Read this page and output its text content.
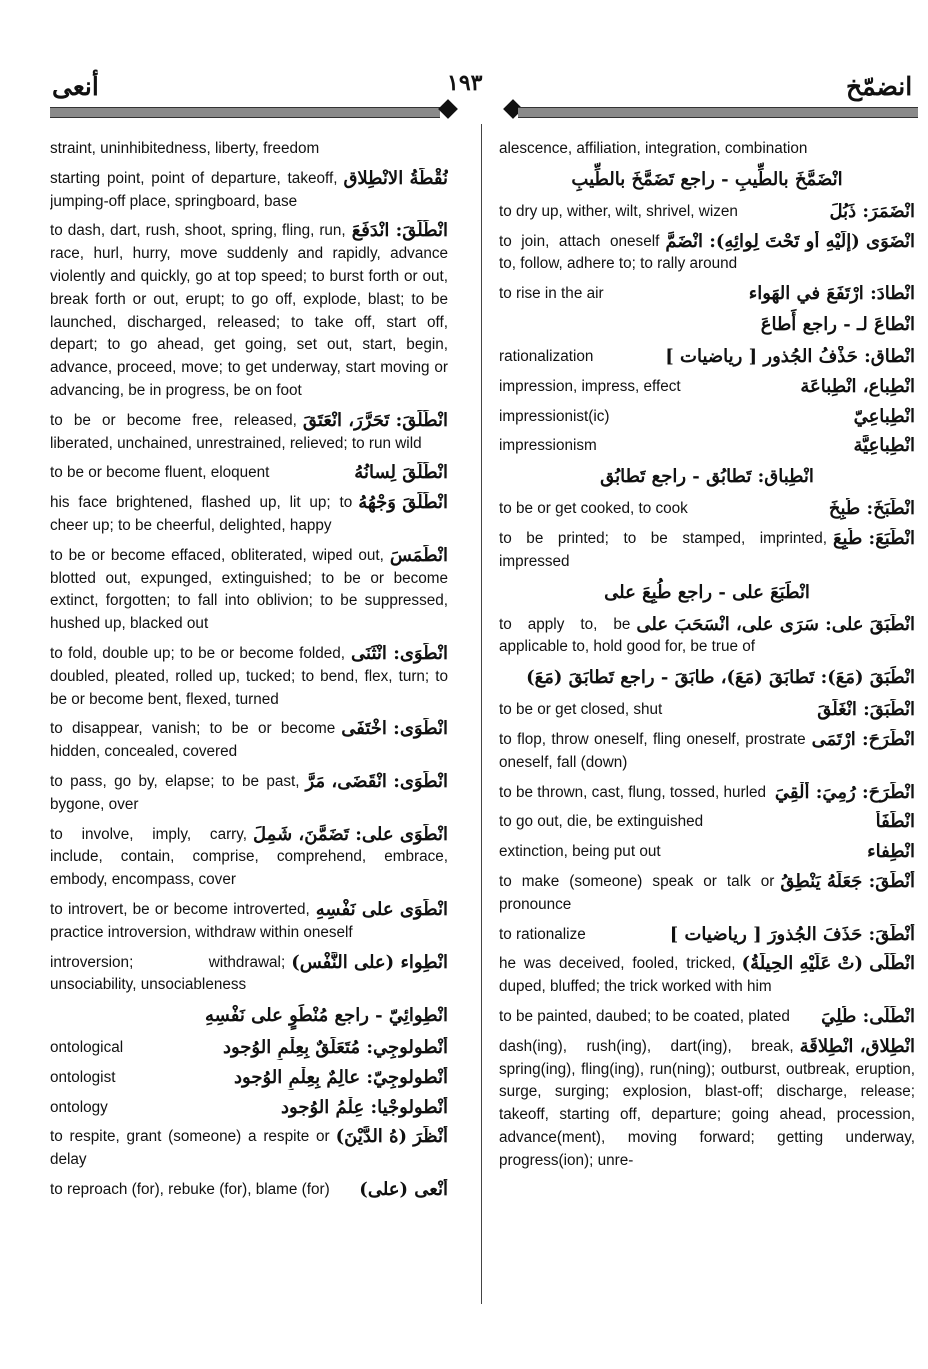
أنعى	١٩٣	انضمّخ
straint, uninhibitedness, liberty, freedom
نُقْطَةُ الانْطِلاق
starting point, point of departure, takeoff, jumping-off place, springboard, base
انْطَلَقَ: انْدَفَعَ
to dash, dart, rush, shoot, spring, fling, run, race, hurl, hurry, move suddenly and rapidly, advance violently and quickly, go at top speed; to burst forth or out, break forth or out, erupt; to go off, explode, blast; to be launched, discharged, released; to take off, start off, depart; to go ahead, get going, set out, start, begin, advance, proceed, move; to get underway, start moving or advancing, be in progress, be on foot
انْطَلَقَ: تَحَرَّرَ، انْعَتَقَ
to be or become free, released, liberated, unchained, unrestrained, relieved; to run wild
انْطَلَقَ لِسانُهُ
to be or become fluent, eloquent
انْطَلَقَ وَجْهُهُ
his face brightened, flashed up, lit up; to cheer up; to be cheerful, delighted, happy
انْطَمَسَ
to be or become effaced, obliterated, wiped out, blotted out, expunged, extinguished; to be or become extinct, forgotten; to fall into oblivion; to be suppressed, hushed up, blacked out
انْطَوَى: انْثَنَى
to fold, double up; to be or become folded, doubled, pleated, rolled up, tucked; to bend, flex, turn; to be or become bent, flexed, turned
انْطَوَى: اخْتَفَى
to disappear, vanish; to be or become hidden, concealed, covered
انْطَوَى: انْقَضَى، مَرَّ
to pass, go by, elapse; to be past, bygone, over
انْطَوَى على: تَضَمَّنَ، شَمِلَ
to involve, imply, carry, include, contain, comprise, comprehend, embrace, embody, encompass, cover
انْطَوَى على نَفْسِهِ
to introvert, be or become introverted, practice introversion, withdraw within oneself
انْطِواء (على النَّفْس)
introversion; withdrawal; unsociability, unsociableness
انْطِوائِيّ - راجع مُنْطَوٍ على نَفْسِهِ
أَنْطولوجِي: مُتَعَلِّقٌ بِعِلْمِ الوُجود
ontological
أَنْطولوجِيّ: عالِمٌ بِعِلْمِ الوُجود
ontologist
أَنْطولوجْيا: عِلْمُ الوُجود
ontology
أَنْظَرَ (هُ الدَّيْنَ)
to respite, grant (someone) a respite or delay
أَنْعى (على)
to reproach (for), rebuke (for), blame (for)
alescence, affiliation, integration, combination
انْضَمَّخَ بالطِّيبِ - راجع تَضَمَّخَ بالطِّيبِ
انْضَمَرَ: ذَبُلَ
to dry up, wither, wilt, shrivel, wizen
انْضَوَى (إلَيْهِ أو تَحْتَ لِوائِهِ): انْضَمَّ
to join, attach oneself to, follow, adhere to; to rally around
انْطادَ: ارْتَفَعَ في الهَواء
to rise in the air
انْطاعَ لـ - راجع أَطاعَ
انْطاق: حَذْفُ الجُذور [ رياضيات ]
rationalization
انْطِباع، انْطِباعَة
impression, impress, effect
انْطِباعِيّ
impressionist(ic)
انْطِباعِيَّة
impressionism
انْطِباق: تَطابُق - راجع تَطابُق
انْطَبَخَ: طُبِخَ
to be or get cooked, to cook
انْطَبَعَ: طُبِعَ
to be printed; to be stamped, imprinted, impressed
انْطَبَعَ على - راجع طُبِعَ على
انْطَبَقَ على: سَرَى على، انْسَحَبَ على
to apply to, be applicable to, hold good for, be true of
انْطَبَقَ (مَعَ): تَطابَقَ (مَعَ)، طابَقَ - راجع تَطابَقَ (مَعَ)
انْطَبَقَ: انْغَلَقَ
to be or get closed, shut
انْطَرَحَ: ارْتَمَى
to flop, throw oneself, fling oneself, prostrate oneself, fall (down)
انْطَرَحَ: رُمِيَ: أُلْقِيَ
to be thrown, cast, flung, tossed, hurled
انْطَفَأَ
to go out, die, be extinguished
انْطِفاء
extinction, being put out
أَنْطَقَ: جَعَلَهُ يَنْطِقُ
to make (someone) speak or talk or pronounce
أَنْطَقَ: حَذَفَ الجُذورَ [ رياضيات ]
to rationalize
انْطَلَى (تْ عَلَيْهِ الحِيلَةُ)
he was deceived, fooled, tricked, duped, bluffed; the trick worked with him
انْطَلَى: طُلِيَ
to be painted, daubed; to be coated, plated
انْطِلاق، انْطِلاقَة
dash(ing), rush(ing), dart(ing), break, spring(ing), fling(ing), run(ning); outburst, outbreak, eruption, surge, surging; explosion, blast-off; discharge, release; takeoff, starting off, departure; going ahead, procession, advance(ment), moving forward; getting underway, progress(ion); unre-
